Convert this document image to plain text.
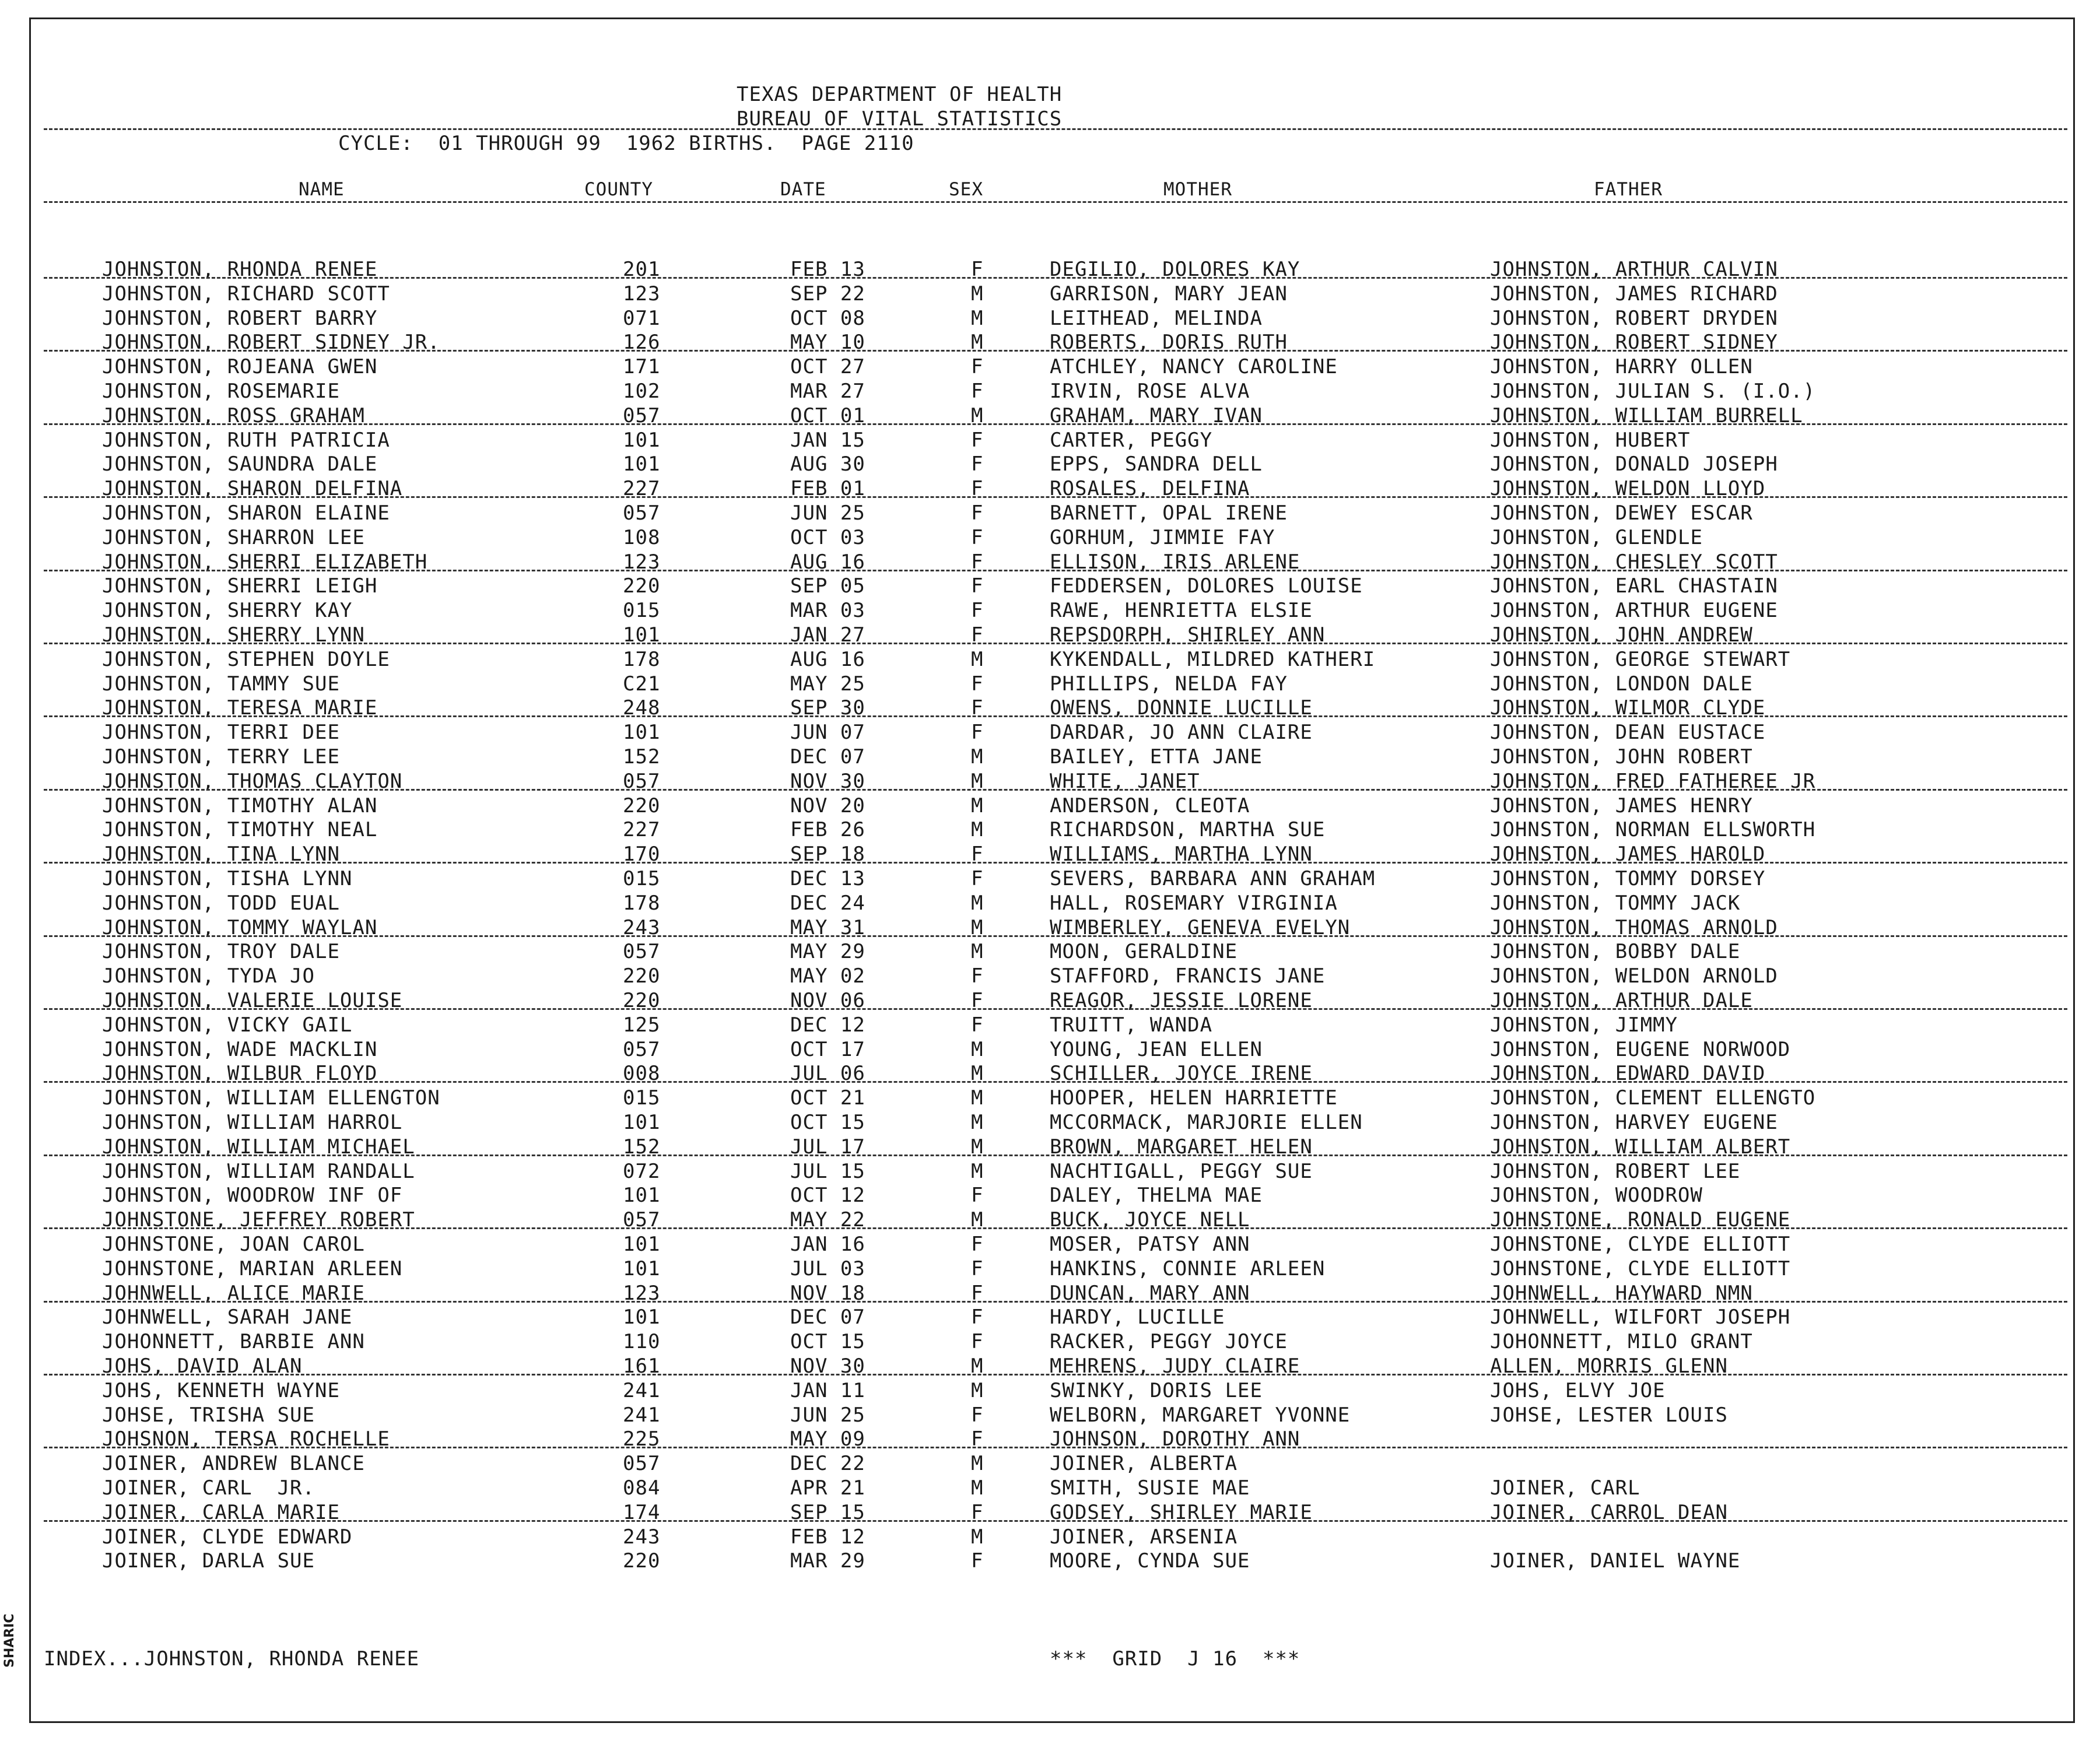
SHARIC
TEXAS DEPARTMENT OF HEALTH
BUREAU OF VITAL STATISTICS
CYCLE:  01 THROUGH 99  1962 BIRTHS.  PAGE 2110
NAME	COUNTY	DATE	SEX	MOTHER	FATHER
JOHNSTON, RHONDA RENEE	201	FEB 13	F	DEGILIO, DOLORES KAY	JOHNSTON, ARTHUR CALVIN
JOHNSTON, RICHARD SCOTT	123	SEP 22	M	GARRISON, MARY JEAN	JOHNSTON, JAMES RICHARD
JOHNSTON, ROBERT BARRY	071	OCT 08	M	LEITHEAD, MELINDA	JOHNSTON, ROBERT DRYDEN
JOHNSTON, ROBERT SIDNEY JR.	126	MAY 10	M	ROBERTS, DORIS RUTH	JOHNSTON, ROBERT SIDNEY
JOHNSTON, ROJEANA GWEN	171	OCT 27	F	ATCHLEY, NANCY CAROLINE	JOHNSTON, HARRY OLLEN
JOHNSTON, ROSEMARIE	102	MAR 27	F	IRVIN, ROSE ALVA	JOHNSTON, JULIAN S. (I.O.)
JOHNSTON, ROSS GRAHAM	057	OCT 01	M	GRAHAM, MARY IVAN	JOHNSTON, WILLIAM BURRELL
JOHNSTON, RUTH PATRICIA	101	JAN 15	F	CARTER, PEGGY	JOHNSTON, HUBERT
JOHNSTON, SAUNDRA DALE	101	AUG 30	F	EPPS, SANDRA DELL	JOHNSTON, DONALD JOSEPH
JOHNSTON, SHARON DELFINA	227	FEB 01	F	ROSALES, DELFINA	JOHNSTON, WELDON LLOYD
JOHNSTON, SHARON ELAINE	057	JUN 25	F	BARNETT, OPAL IRENE	JOHNSTON, DEWEY ESCAR
JOHNSTON, SHARRON LEE	108	OCT 03	F	GORHUM, JIMMIE FAY	JOHNSTON, GLENDLE
JOHNSTON, SHERRI ELIZABETH	123	AUG 16	F	ELLISON, IRIS ARLENE	JOHNSTON, CHESLEY SCOTT
JOHNSTON, SHERRI LEIGH	220	SEP 05	F	FEDDERSEN, DOLORES LOUISE	JOHNSTON, EARL CHASTAIN
JOHNSTON, SHERRY KAY	015	MAR 03	F	RAWE, HENRIETTA ELSIE	JOHNSTON, ARTHUR EUGENE
JOHNSTON, SHERRY LYNN	101	JAN 27	F	REPSDORPH, SHIRLEY ANN	JOHNSTON, JOHN ANDREW
JOHNSTON, STEPHEN DOYLE	178	AUG 16	M	KYKENDALL, MILDRED KATHERI	JOHNSTON, GEORGE STEWART
JOHNSTON, TAMMY SUE	C21	MAY 25	F	PHILLIPS, NELDA FAY	JOHNSTON, LONDON DALE
JOHNSTON, TERESA MARIE	248	SEP 30	F	OWENS, DONNIE LUCILLE	JOHNSTON, WILMOR CLYDE
JOHNSTON, TERRI DEE	101	JUN 07	F	DARDAR, JO ANN CLAIRE	JOHNSTON, DEAN EUSTACE
JOHNSTON, TERRY LEE	152	DEC 07	M	BAILEY, ETTA JANE	JOHNSTON, JOHN ROBERT
JOHNSTON, THOMAS CLAYTON	057	NOV 30	M	WHITE, JANET	JOHNSTON, FRED FATHEREE JR
JOHNSTON, TIMOTHY ALAN	220	NOV 20	M	ANDERSON, CLEOTA	JOHNSTON, JAMES HENRY
JOHNSTON, TIMOTHY NEAL	227	FEB 26	M	RICHARDSON, MARTHA SUE	JOHNSTON, NORMAN ELLSWORTH
JOHNSTON, TINA LYNN	170	SEP 18	F	WILLIAMS, MARTHA LYNN	JOHNSTON, JAMES HAROLD
JOHNSTON, TISHA LYNN	015	DEC 13	F	SEVERS, BARBARA ANN GRAHAM	JOHNSTON, TOMMY DORSEY
JOHNSTON, TODD EUAL	178	DEC 24	M	HALL, ROSEMARY VIRGINIA	JOHNSTON, TOMMY JACK
JOHNSTON, TOMMY WAYLAN	243	MAY 31	M	WIMBERLEY, GENEVA EVELYN	JOHNSTON, THOMAS ARNOLD
JOHNSTON, TROY DALE	057	MAY 29	M	MOON, GERALDINE	JOHNSTON, BOBBY DALE
JOHNSTON, TYDA JO	220	MAY 02	F	STAFFORD, FRANCIS JANE	JOHNSTON, WELDON ARNOLD
JOHNSTON, VALERIE LOUISE	220	NOV 06	F	REAGOR, JESSIE LORENE	JOHNSTON, ARTHUR DALE
JOHNSTON, VICKY GAIL	125	DEC 12	F	TRUITT, WANDA	JOHNSTON, JIMMY
JOHNSTON, WADE MACKLIN	057	OCT 17	M	YOUNG, JEAN ELLEN	JOHNSTON, EUGENE NORWOOD
JOHNSTON, WILBUR FLOYD	008	JUL 06	M	SCHILLER, JOYCE IRENE	JOHNSTON, EDWARD DAVID
JOHNSTON, WILLIAM ELLENGTON	015	OCT 21	M	HOOPER, HELEN HARRIETTE	JOHNSTON, CLEMENT ELLENGTO
JOHNSTON, WILLIAM HARROL	101	OCT 15	M	MCCORMACK, MARJORIE ELLEN	JOHNSTON, HARVEY EUGENE
JOHNSTON, WILLIAM MICHAEL	152	JUL 17	M	BROWN, MARGARET HELEN	JOHNSTON, WILLIAM ALBERT
JOHNSTON, WILLIAM RANDALL	072	JUL 15	M	NACHTIGALL, PEGGY SUE	JOHNSTON, ROBERT LEE
JOHNSTON, WOODROW INF OF	101	OCT 12	F	DALEY, THELMA MAE	JOHNSTON, WOODROW
JOHNSTONE, JEFFREY ROBERT	057	MAY 22	M	BUCK, JOYCE NELL	JOHNSTONE, RONALD EUGENE
JOHNSTONE, JOAN CAROL	101	JAN 16	F	MOSER, PATSY ANN	JOHNSTONE, CLYDE ELLIOTT
JOHNSTONE, MARIAN ARLEEN	101	JUL 03	F	HANKINS, CONNIE ARLEEN	JOHNSTONE, CLYDE ELLIOTT
JOHNWELL, ALICE MARIE	123	NOV 18	F	DUNCAN, MARY ANN	JOHNWELL, HAYWARD NMN
JOHNWELL, SARAH JANE	101	DEC 07	F	HARDY, LUCILLE	JOHNWELL, WILFORT JOSEPH
JOHONNETT, BARBIE ANN	110	OCT 15	F	RACKER, PEGGY JOYCE	JOHONNETT, MILO GRANT
JOHS, DAVID ALAN	161	NOV 30	M	MEHRENS, JUDY CLAIRE	ALLEN, MORRIS GLENN
JOHS, KENNETH WAYNE	241	JAN 11	M	SWINKY, DORIS LEE	JOHS, ELVY JOE
JOHSE, TRISHA SUE	241	JUN 25	F	WELBORN, MARGARET YVONNE	JOHSE, LESTER LOUIS
JOHSNON, TERSA ROCHELLE	225	MAY 09	F	JOHNSON, DOROTHY ANN
JOINER, ANDREW BLANCE	057	DEC 22	M	JOINER, ALBERTA
JOINER, CARL  JR.	084	APR 21	M	SMITH, SUSIE MAE	JOINER, CARL
JOINER, CARLA MARIE	174	SEP 15	F	GODSEY, SHIRLEY MARIE	JOINER, CARROL DEAN
JOINER, CLYDE EDWARD	243	FEB 12	M	JOINER, ARSENIA
JOINER, DARLA SUE	220	MAR 29	F	MOORE, CYNDA SUE	JOINER, DANIEL WAYNE
INDEX...JOHNSTON, RHONDA RENEE	***  GRID  J 16  ***
